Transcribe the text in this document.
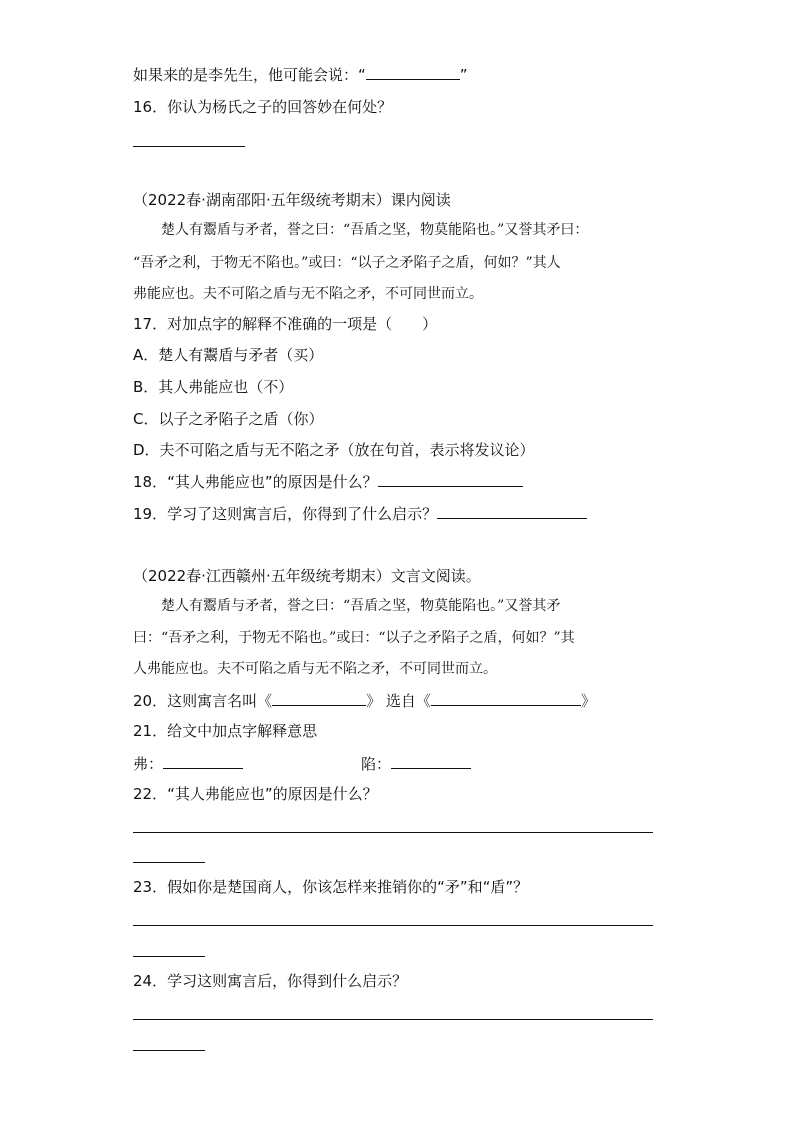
如果来的是李先生，他可能会说：“	”
16．你认为杨氏之子的回答妙在何处？
（2022春·湖南邵阳·五年级统考期末）课内阅读
楚人有鬻盾与矛者，誉之曰：“吾盾之坚，物莫能陷也。”又誉其矛曰：
“吾矛之利，于物无不陷也。”或曰：“以子之矛陷子之盾，何如？”其人
弗能应也。夫不可陷之盾与无不陷之矛，不可同世而立。
17．对加点字的解释不准确的一项是（　　）
A．楚人有鬻盾与矛者（买）
B．其人弗能应也（不）
C．以子之矛陷子之盾（你）
D．夫不可陷之盾与无不陷之矛（放在句首，表示将发议论）
18．“其人弗能应也”的原因是什么？
19．学习了这则寓言后，你得到了什么启示？
（2022春·江西赣州·五年级统考期末）文言文阅读。
楚人有鬻盾与矛者，誉之曰：“吾盾之坚，物莫能陷也。”又誉其矛
曰：“吾矛之利，于物无不陷也。”或曰：“以子之矛陷子之盾，何如？”其
人弗能应也。夫不可陷之盾与无不陷之矛，不可同世而立。
20．这则寓言名叫《	》 选自《	》
21．给文中加点字解释意思
弗：	陷：
22．“其人弗能应也”的原因是什么？
23．假如你是楚国商人，你该怎样来推销你的“矛”和“盾”？
24．学习这则寓言后，你得到什么启示？
